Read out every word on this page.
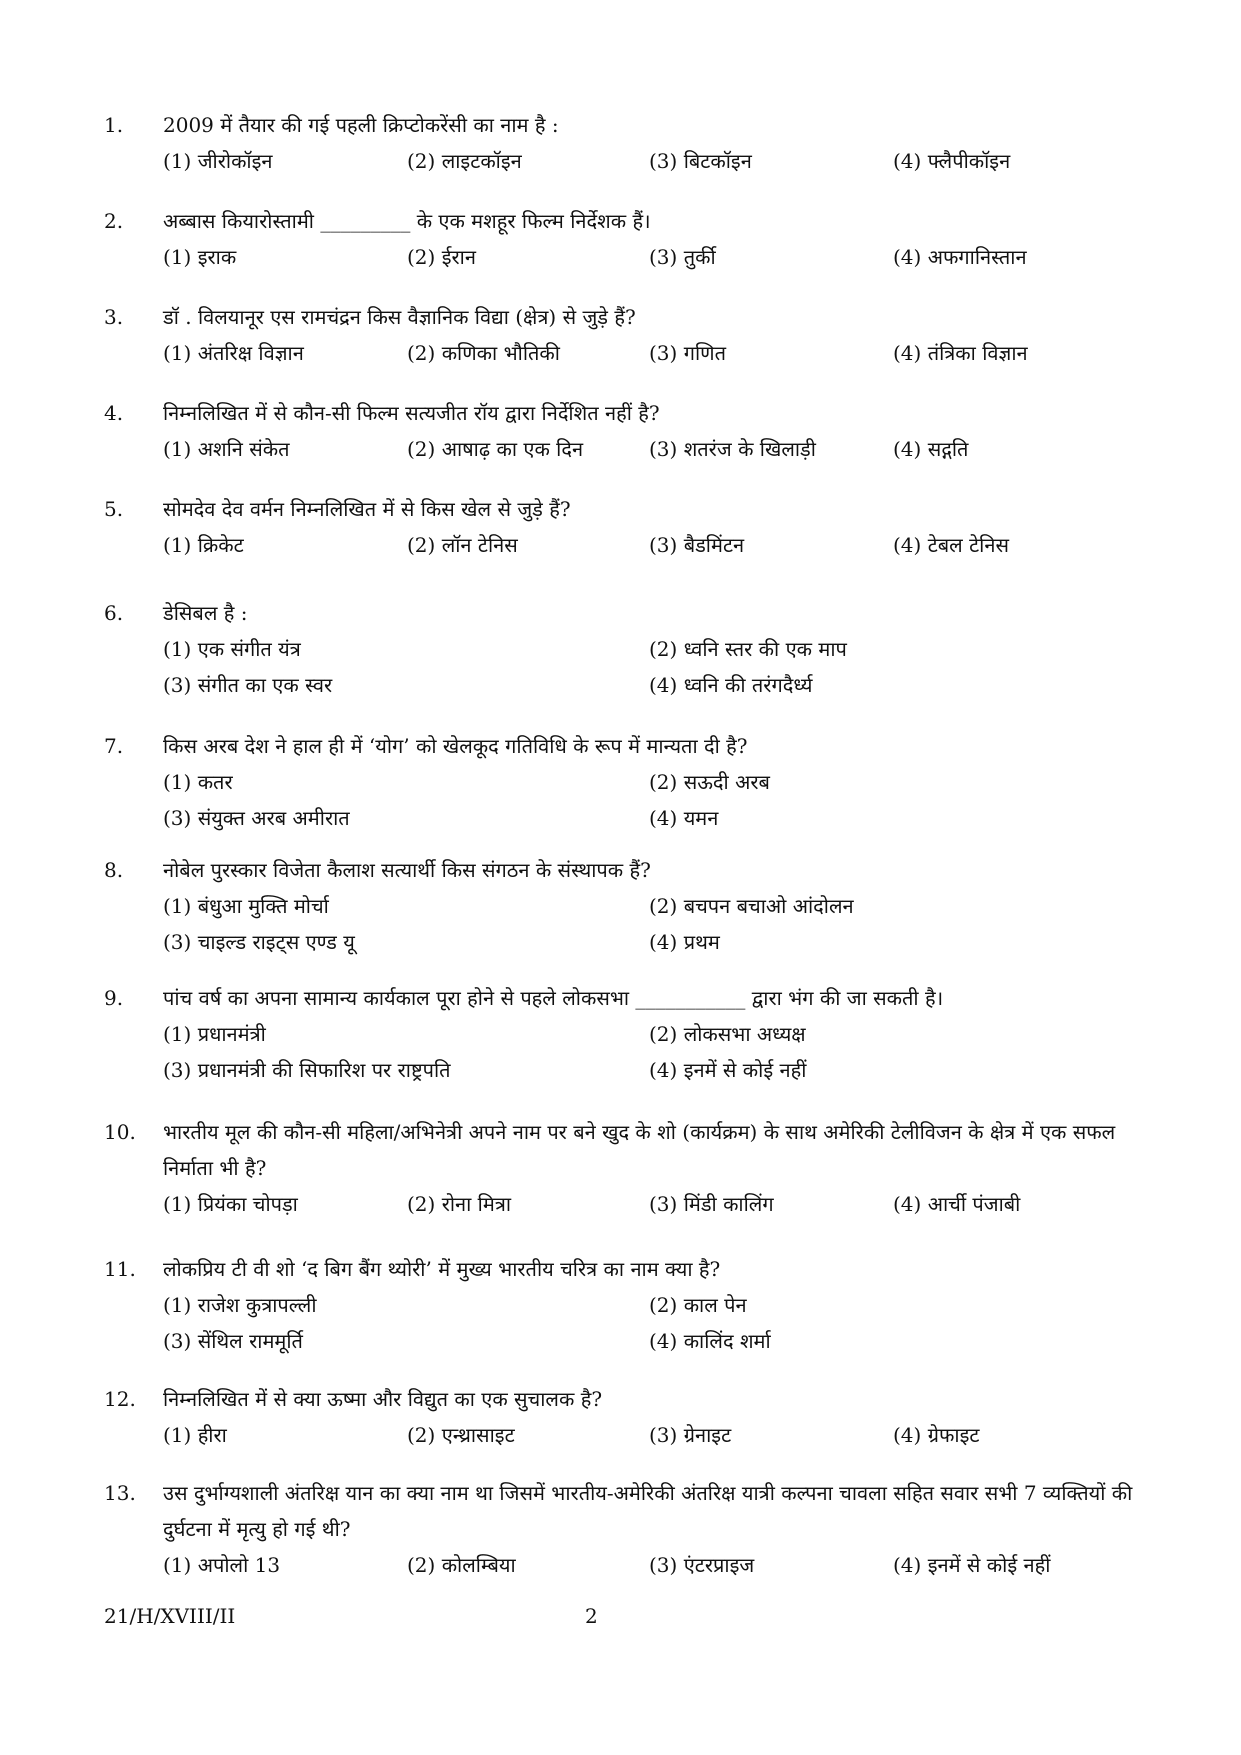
1. 2009 में तैयार की गई पहली क्रिप्टोकरेंसी का नाम है :
(1) जीरोकॉइन	(2) लाइटकॉइन	(3) बिटकॉइन	(4) फ्लैपीकॉइन
2. अब्बास कियारोस्तामी _________ के एक मशहूर फिल्म निर्देशक हैं।
(1) इराक	(2) ईरान	(3) तुर्की	(4) अफगानिस्तान
3. डॉ . विलयानूर एस रामचंद्रन किस वैज्ञानिक विद्या (क्षेत्र) से जुड़े हैं?
(1) अंतरिक्ष विज्ञान	(2) कणिका भौतिकी	(3) गणित	(4) तंत्रिका विज्ञान
4. निम्नलिखित में से कौन-सी फिल्म सत्यजीत रॉय द्वारा निर्देशित नहीं है?
(1) अशनि संकेत	(2) आषाढ़ का एक दिन	(3) शतरंज के खिलाड़ी	(4) सद्गति
5. सोमदेव देव वर्मन निम्नलिखित में से किस खेल से जुड़े हैं?
(1) क्रिकेट	(2) लॉन टेनिस	(3) बैडमिंटन	(4) टेबल टेनिस
6. डेसिबल है :
(1) एक संगीत यंत्र	(2) ध्वनि स्तर की एक माप
(3) संगीत का एक स्वर	(4) ध्वनि की तरंगदैर्ध्य
7. किस अरब देश ने हाल ही में ‘योग’ को खेलकूद गतिविधि के रूप में मान्यता दी है?
(1) कतर	(2) सऊदी अरब
(3) संयुक्त अरब अमीरात	(4) यमन
8. नोबेल पुरस्कार विजेता कैलाश सत्यार्थी किस संगठन के संस्थापक हैं?
(1) बंधुआ मुक्ति मोर्चा	(2) बचपन बचाओ आंदोलन
(3) चाइल्ड राइट्स एण्ड यू	(4) प्रथम
9. पांच वर्ष का अपना सामान्य कार्यकाल पूरा होने से पहले लोकसभा ___________ द्वारा भंग की जा सकती है।
(1) प्रधानमंत्री	(2) लोकसभा अध्यक्ष
(3) प्रधानमंत्री की सिफारिश पर राष्ट्रपति	(4) इनमें से कोई नहीं
10. भारतीय मूल की कौन-सी महिला/अभिनेत्री अपने नाम पर बने खुद के शो (कार्यक्रम) के साथ अमेरिकी टेलीविजन के क्षेत्र में एक सफल निर्माता भी है?
(1) प्रियंका चोपड़ा	(2) रोना मित्रा	(3) मिंडी कालिंग	(4) आर्ची पंजाबी
11. लोकप्रिय टी वी शो ‘द बिग बैंग थ्योरी’ में मुख्य भारतीय चरित्र का नाम क्या है?
(1) राजेश कुत्रापल्ली	(2) काल पेन
(3) सेंथिल राममूर्ति	(4) कालिंद शर्मा
12. निम्नलिखित में से क्या ऊष्मा और विद्युत का एक सुचालक है?
(1) हीरा	(2) एन्थ्रासाइट	(3) ग्रेनाइट	(4) ग्रेफाइट
13. उस दुर्भाग्यशाली अंतरिक्ष यान का क्या नाम था जिसमें भारतीय-अमेरिकी अंतरिक्ष यात्री कल्पना चावला सहित सवार सभी 7 व्यक्तियों की दुर्घटना में मृत्यु हो गई थी?
(1) अपोलो 13	(2) कोलम्बिया	(3) एंटरप्राइज	(4) इनमें से कोई नहीं
21/H/XVIII/II	2
